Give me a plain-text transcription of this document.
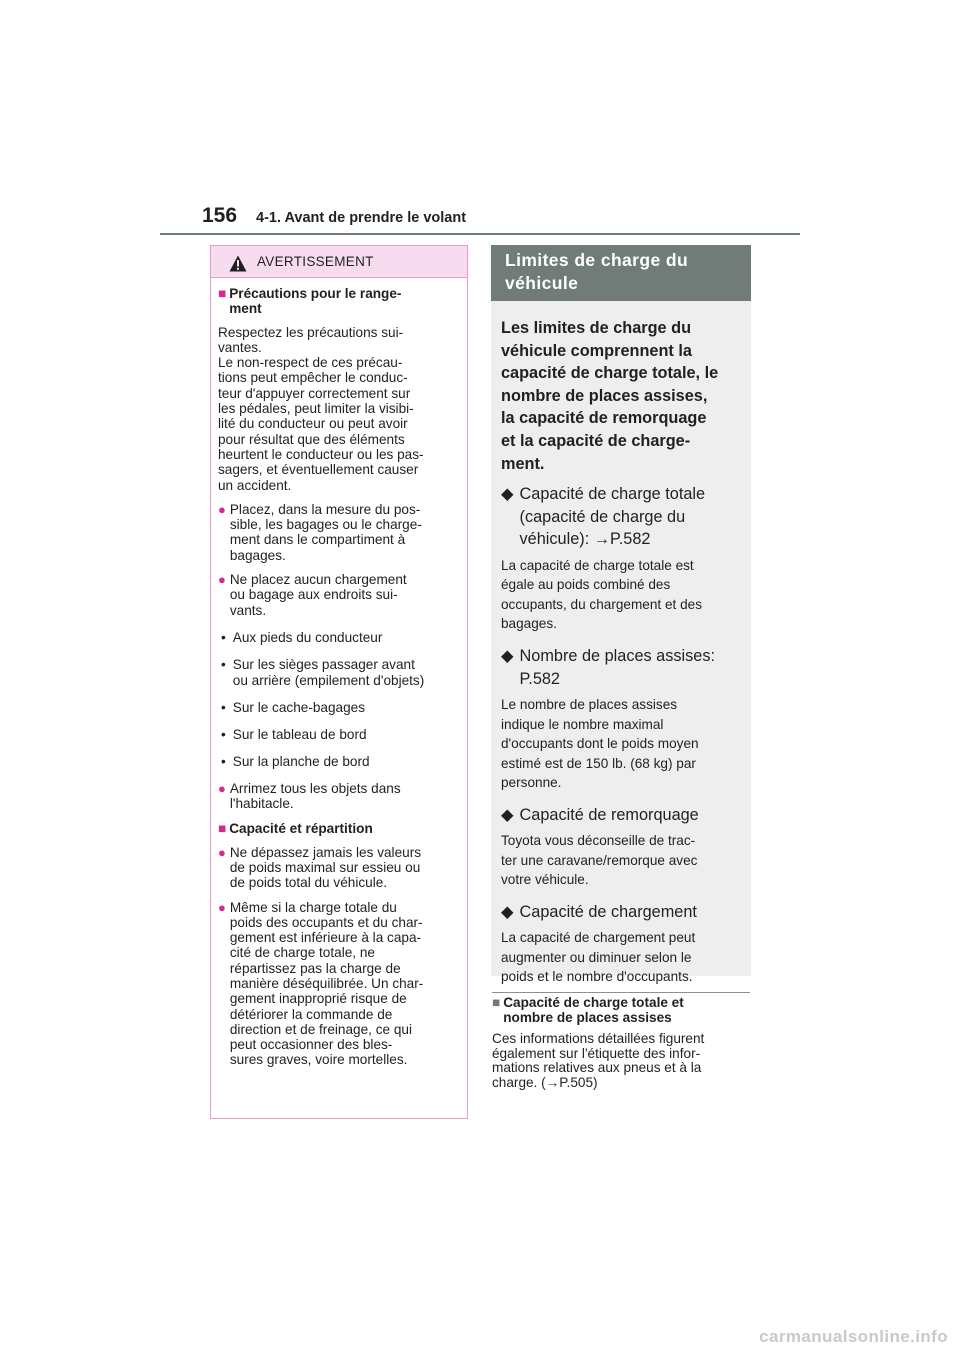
156 4-1. Avant de prendre le volant
AVERTISSEMENT
■ Précautions pour le range-
ment
Respectez les précautions sui-
vantes.
Le non-respect de ces précau-
tions peut empêcher le conduc-
teur d'appuyer correctement sur
les pédales, peut limiter la visibi-
lité du conducteur ou peut avoir
pour résultat que des éléments
heurtent le conducteur ou les pas-
sagers, et éventuellement causer
un accident.
● Placez, dans la mesure du pos-
sible, les bagages ou le charge-
ment dans le compartiment à
bagages.
● Ne placez aucun chargement
ou bagage aux endroits sui-
vants.
• Aux pieds du conducteur
• Sur les sièges passager avant
ou arrière (empilement d'objets)
• Sur le cache-bagages
• Sur le tableau de bord
• Sur la planche de bord
● Arrimez tous les objets dans
l'habitacle.
■ Capacité et répartition
● Ne dépassez jamais les valeurs
de poids maximal sur essieu ou
de poids total du véhicule.
● Même si la charge totale du
poids des occupants et du char-
gement est inférieure à la capa-
cité de charge totale, ne
répartissez pas la charge de
manière déséquilibrée. Un char-
gement inapproprié risque de
détériorer la commande de
direction et de freinage, ce qui
peut occasionner des bles-
sures graves, voire mortelles.
Limites de charge du
véhicule
Les limites de charge du
véhicule comprennent la
capacité de charge totale, le
nombre de places assises,
la capacité de remorquage
et la capacité de charge-
ment.
◆ Capacité de charge totale
(capacité de charge du
véhicule): →P.582
La capacité de charge totale est
égale au poids combiné des
occupants, du chargement et des
bagages.
◆ Nombre de places assises:
P.582
Le nombre de places assises
indique le nombre maximal
d'occupants dont le poids moyen
estimé est de 150 lb. (68 kg) par
personne.
◆ Capacité de remorquage
Toyota vous déconseille de trac-
ter une caravane/remorque avec
votre véhicule.
◆ Capacité de chargement
La capacité de chargement peut
augmenter ou diminuer selon le
poids et le nombre d'occupants.
■ Capacité de charge totale et
nombre de places assises
Ces informations détaillées figurent
également sur l'étiquette des infor-
mations relatives aux pneus et à la
charge. (→P.505)
carmanualsonline.info
